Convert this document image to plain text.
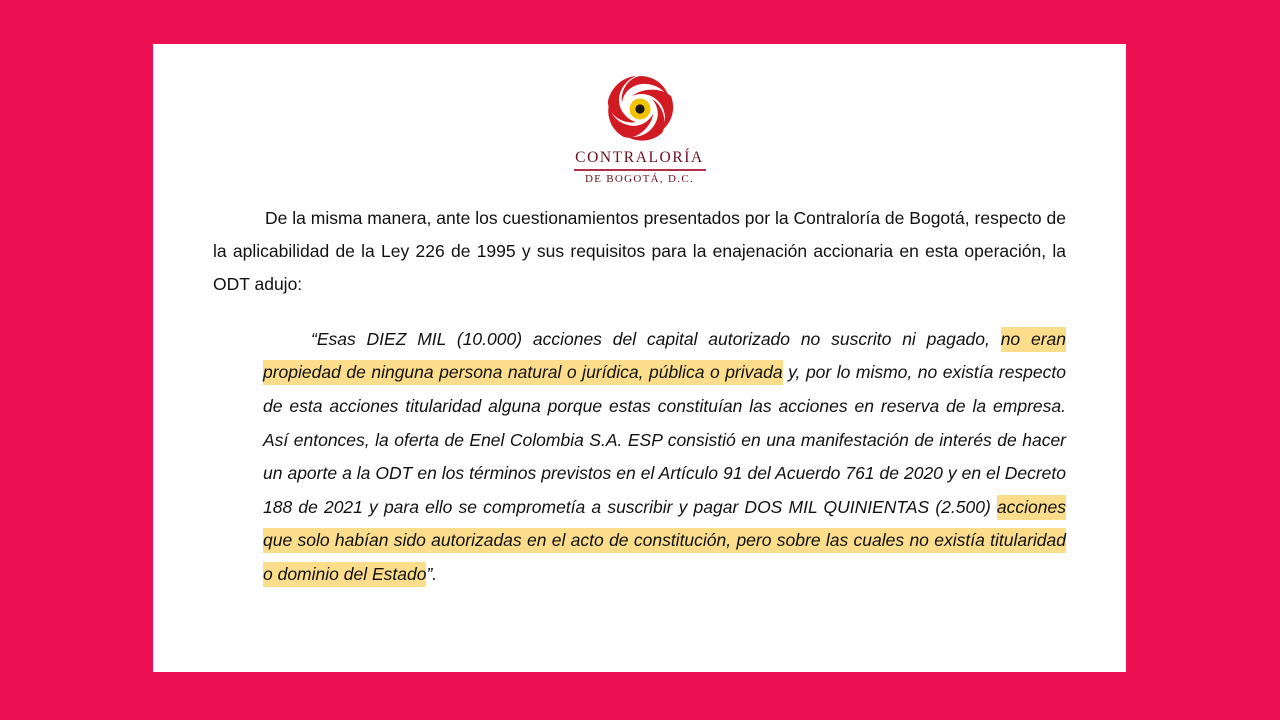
CONTRALORÍA
DE BOGOTÁ, D.C.

De la misma manera, ante los cuestionamientos presentados por la Contraloría de Bogotá, respecto de la aplicabilidad de la Ley 226 de 1995 y sus requisitos para la enajenación accionaria en esta operación, la ODT adujo:

“Esas DIEZ MIL (10.000) acciones del capital autorizado no suscrito ni pagado, no eran propiedad de ninguna persona natural o jurídica, pública o privada y, por lo mismo, no existía respecto de esta acciones titularidad alguna porque estas constituían las acciones en reserva de la empresa. Así entonces, la oferta de Enel Colombia S.A. ESP consistió en una manifestación de interés de hacer un aporte a la ODT en los términos previstos en el Artículo 91 del Acuerdo 761 de 2020 y en el Decreto 188 de 2021 y para ello se comprometía a suscribir y pagar DOS MIL QUINIENTAS (2.500) acciones que solo habían sido autorizadas en el acto de constitución, pero sobre las cuales no existía titularidad o dominio del Estado”.
